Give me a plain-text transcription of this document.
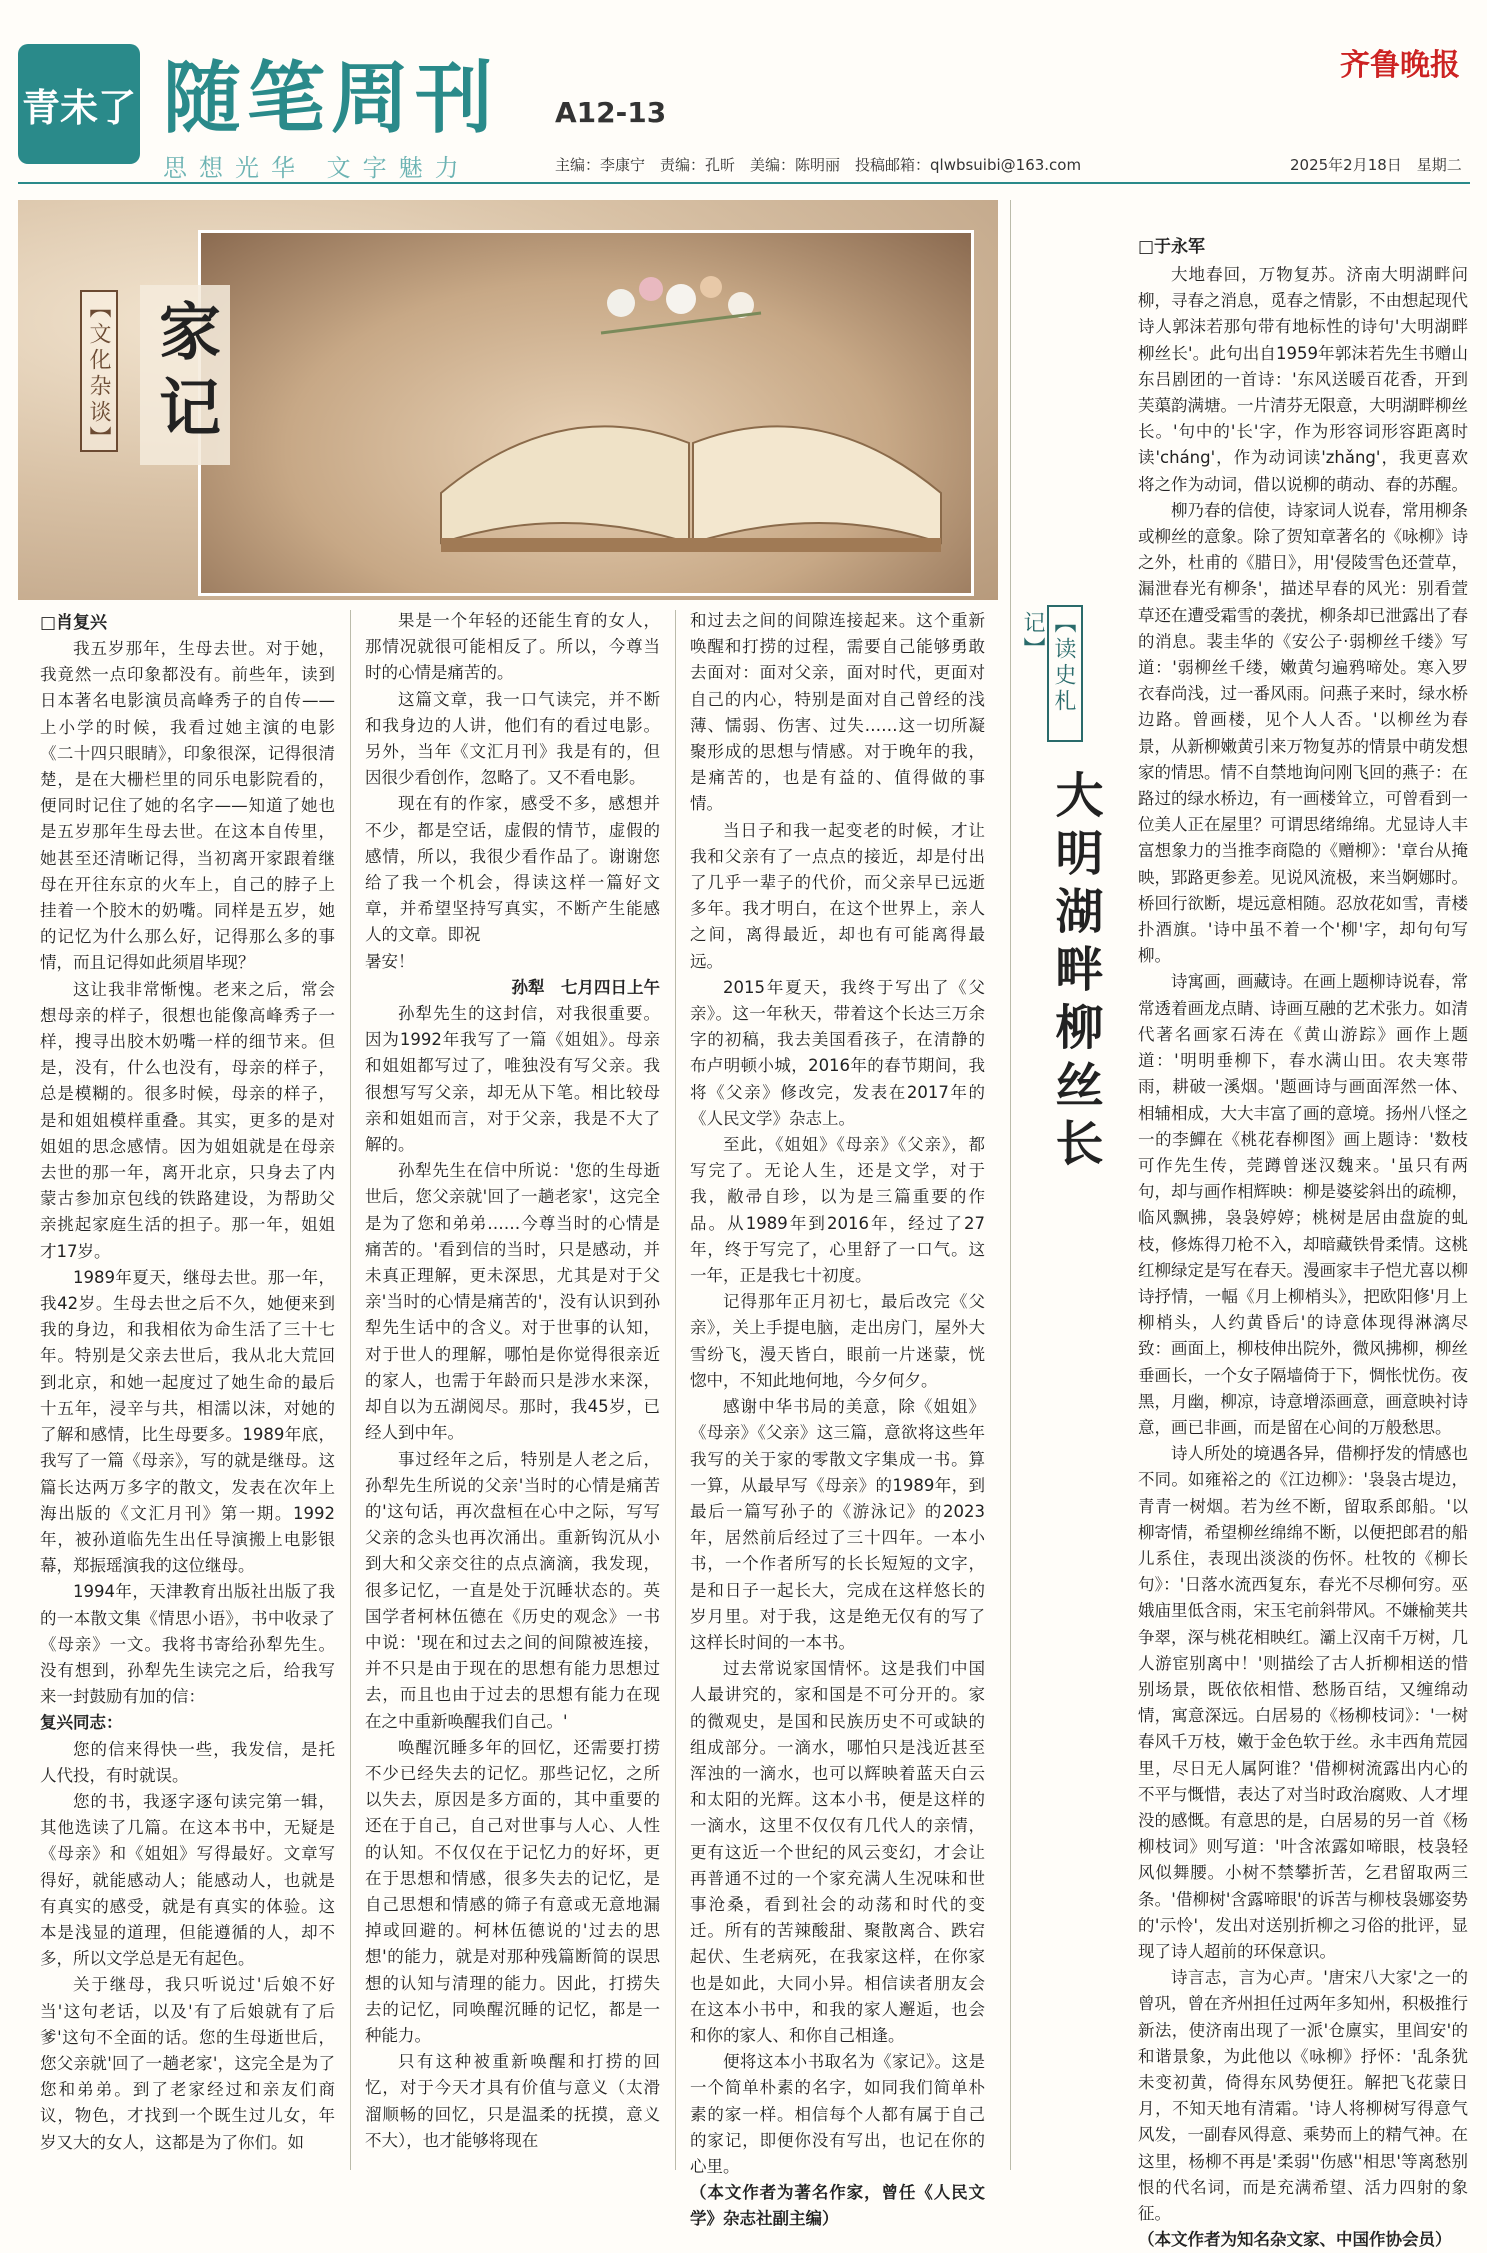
青未了 随笔周刊 A12-13
齐鲁晚报
思想光华 文字魅力	主编：李康宁　责编：孔昕　美编：陈明丽　投稿邮箱：qlwbsuibi@163.com	2025年2月18日　星期二
【文化杂谈】 家记
□肖复兴

我五岁那年，生母去世。对于她，我竟然一点印象都没有。前些年，读到日本著名电影演员高峰秀子的自传——上小学的时候，我看过她主演的电影《二十四只眼睛》，印象很深，记得很清楚，是在大栅栏里的同乐电影院看的，便同时记住了她的名字——知道了她也是五岁那年生母去世。在这本自传里，她甚至还清晰记得，当初离开家跟着继母在开往东京的火车上，自己的脖子上挂着一个胶木的奶嘴。同样是五岁，她的记忆为什么那么好，记得那么多的事情，而且记得如此须眉毕现？

这让我非常惭愧。老来之后，常会想母亲的样子，很想也能像高峰秀子一样，搜寻出胶木奶嘴一样的细节来。但是，没有，什么也没有，母亲的样子，总是模糊的。很多时候，母亲的样子，是和姐姐模样重叠。其实，更多的是对姐姐的思念感情。因为姐姐就是在母亲去世的那一年，离开北京，只身去了内蒙古参加京包线的铁路建设，为帮助父亲挑起家庭生活的担子。那一年，姐姐才17岁。

1989年夏天，继母去世。那一年，我42岁。生母去世之后不久，她便来到我的身边，和我相依为命生活了三十七年。特别是父亲去世后，我从北大荒回到北京，和她一起度过了她生命的最后十五年，浸辛与共，相濡以沫，对她的了解和感情，比生母要多。1989年底，我写了一篇《母亲》，写的就是继母。这篇长达两万多字的散文，发表在次年上海出版的《文汇月刊》第一期。1992年，被孙道临先生出任导演搬上电影银幕，郑振瑶演我的这位继母。

1994年，天津教育出版社出版了我的一本散文集《情思小语》，书中收录了《母亲》一文。我将书寄给孙犁先生。没有想到，孙犁先生读完之后，给我写来一封鼓励有加的信：

复兴同志：

您的信来得快一些，我发信，是托人代投，有时就误。

您的书，我逐字逐句读完第一辑，其他选读了几篇。在这本书中，无疑是《母亲》和《姐姐》写得最好。文章写得好，就能感动人；能感动人，也就是有真实的感受，就是有真实的体验。这本是浅显的道理，但能遵循的人，却不多，所以文学总是无有起色。

关于继母，我只听说过'后娘不好当'这句老话，以及'有了后娘就有了后爹'这句不全面的话。您的生母逝世后，您父亲就'回了一趟老家'，这完全是为了您和弟弟。到了老家经过和亲友们商议，物色，才找到一个既生过儿女，年岁又大的女人，这都是为了你们。如

果是一个年轻的还能生育的女人，那情况就很可能相反了。所以，今尊当时的心情是痛苦的。

这篇文章，我一口气读完，并不断和我身边的人讲，他们有的看过电影。另外，当年《文汇月刊》我是有的，但因很少看创作，忽略了。又不看电影。

现在有的作家，感受不多，感想并不少，都是空话，虚假的情节，虚假的感情，所以，我很少看作品了。谢谢您给了我一个机会，得读这样一篇好文章，并希望坚持写真实，不断产生能感人的文章。即祝

暑安！

孙犁　七月四日上午

孙犁先生的这封信，对我很重要。因为1992年我写了一篇《姐姐》。母亲和姐姐都写过了，唯独没有写父亲。我很想写写父亲，却无从下笔。相比较母亲和姐姐而言，对于父亲，我是不大了解的。

孙犁先生在信中所说：'您的生母逝世后，您父亲就'回了一趟老家'，这完全是为了您和弟弟……今尊当时的心情是痛苦的。'看到信的当时，只是感动，并未真正理解，更未深思，尤其是对于父亲'当时的心情是痛苦的'，没有认识到孙犁先生话中的含义。对于世事的认知，对于世人的理解，哪怕是你觉得很亲近的家人，也需于年龄而只是涉水来深，却自以为五湖阅尽。那时，我45岁，已经人到中年。

事过经年之后，特别是人老之后，孙犁先生所说的父亲'当时的心情是痛苦的'这句话，再次盘桓在心中之际，写写父亲的念头也再次涌出。重新钩沉从小到大和父亲交往的点点滴滴，我发现，很多记忆，一直是处于沉睡状态的。英国学者柯林伍德在《历史的观念》一书中说：'现在和过去之间的间隙被连接，并不只是由于现在的思想有能力思想过去，而且也由于过去的思想有能力在现在之中重新唤醒我们自己。'

唤醒沉睡多年的回忆，还需要打捞不少已经失去的记忆。那些记忆，之所以失去，原因是多方面的，其中重要的还在于自己，自己对世事与人心、人性的认知。不仅仅在于记忆力的好坏，更在于思想和情感，很多失去的记忆，是自己思想和情感的筛子有意或无意地漏掉或回避的。柯林伍德说的'过去的思想'的能力，就是对那种残篇断简的误思想的认知与清理的能力。因此，打捞失去的记忆，同唤醒沉睡的记忆，都是一种能力。

只有这种被重新唤醒和打捞的回忆，对于今天才具有价值与意义（太滑溜顺畅的回忆，只是温柔的抚摸，意义不大），也才能够将现在

和过去之间的间隙连接起来。这个重新唤醒和打捞的过程，需要自己能够勇敢去面对：面对父亲，面对时代，更面对自己的内心，特别是面对自己曾经的浅薄、懦弱、伤害、过失……这一切所凝聚形成的思想与情感。对于晚年的我，是痛苦的，也是有益的、值得做的事情。

当日子和我一起变老的时候，才让我和父亲有了一点点的接近，却是付出了几乎一辈子的代价，而父亲早已远逝多年。我才明白，在这个世界上，亲人之间，离得最近，却也有可能离得最远。

2015年夏天，我终于写出了《父亲》。这一年秋天，带着这个长达三万余字的初稿，我去美国看孩子，在清静的布卢明顿小城，2016年的春节期间，我将《父亲》修改完，发表在2017年的《人民文学》杂志上。

至此，《姐姐》《母亲》《父亲》，都写完了。无论人生，还是文学，对于我，敝帚自珍，以为是三篇重要的作品。从1989年到2016年，经过了27年，终于写完了，心里舒了一口气。这一年，正是我七十初度。

记得那年正月初七，最后改完《父亲》，关上手提电脑，走出房门，屋外大雪纷飞，漫天皆白，眼前一片迷蒙，恍惚中，不知此地何地，今夕何夕。

感谢中华书局的美意，除《姐姐》《母亲》《父亲》这三篇，意欲将这些年我写的关于家的零散文字集成一书。算一算，从最早写《母亲》的1989年，到最后一篇写孙子的《游泳记》的2023年，居然前后经过了三十四年。一本小书，一个作者所写的长长短短的文字，是和日子一起长大，完成在这样悠长的岁月里。对于我，这是绝无仅有的写了这样长时间的一本书。

过去常说家国情怀。这是我们中国人最讲究的，家和国是不可分开的。家的微观史，是国和民族历史不可或缺的组成部分。一滴水，哪怕只是浅近甚至浑浊的一滴水，也可以辉映着蓝天白云和太阳的光辉。这本小书，便是这样的一滴水，这里不仅仅有几代人的亲情，更有这近一个世纪的风云变幻，才会让再普通不过的一个家充满人生况味和世事沧桑，看到社会的动荡和时代的变迁。所有的苦辣酸甜、聚散离合、跌宕起伏、生老病死，在我家这样，在你家也是如此，大同小异。相信读者朋友会在这本小书中，和我的家人邂逅，也会和你的家人、和你自己相逢。

便将这本小书取名为《家记》。这是一个简单朴素的名字，如同我们简单朴素的家一样。相信每个人都有属于自己的家记，即便你没有写出，也记在你的心里。

（本文作者为著名作家，曾任《人民文学》杂志社副主编）

【读史札记】
大明湖畔柳丝长
□于永军

大地春回，万物复苏。济南大明湖畔问柳，寻春之消息，觅春之情影，不由想起现代诗人郭沫若那句带有地标性的诗句'大明湖畔柳丝长'。此句出自1959年郭沫若先生书赠山东吕剧团的一首诗：'东风送暖百花香，开到芙蕖韵满塘。一片清芬无限意，大明湖畔柳丝长。'句中的'长'字，作为形容词形容距离时读'cháng'，作为动词读'zhǎng'，我更喜欢将之作为动词，借以说柳的萌动、春的苏醒。

柳乃春的信使，诗家词人说春，常用柳条或柳丝的意象。除了贺知章著名的《咏柳》诗之外，杜甫的《腊日》，用'侵陵雪色还萱草，漏泄春光有柳条'，描述早春的风光：别看萱草还在遭受霜雪的袭扰，柳条却已泄露出了春的消息。裴圭华的《安公子·弱柳丝千缕》写道：'弱柳丝千缕，嫩黄匀遍鸦啼处。寒入罗衣春尚浅，过一番风雨。问燕子来时，绿水桥边路。曾画楼，见个人人否。'以柳丝为春景，从新柳嫩黄引来万物复苏的情景中萌发想家的情思。情不自禁地询问刚飞回的燕子：在路过的绿水桥边，有一画楼耸立，可曾看到一位美人正在屋里？可谓思绪绵绵。尤显诗人丰富想象力的当推李商隐的《赠柳》：'章台从掩映，郢路更参差。见说风流极，来当婀娜时。桥回行欲断，堤远意相随。忍放花如雪，青楼扑酒旗。'诗中虽不着一个'柳'字，却句句写柳。

诗寓画，画藏诗。在画上题柳诗说春，常常透着画龙点睛、诗画互融的艺术张力。如清代著名画家石涛在《黄山游踪》画作上题道：'明明垂柳下，春水满山田。农夫寒带雨，耕破一溪烟。'题画诗与画面浑然一体、相辅相成，大大丰富了画的意境。扬州八怪之一的李鱓在《桃花春柳图》画上题诗：'数枝可作先生传，莞蹲曾迷汉魏来。'虽只有两句，却与画作相辉映：柳是婆娑斜出的疏柳，临风飘拂，袅袅婷婷；桃树是居由盘旋的虬枝，修炼得刀枪不入，却暗藏铁骨柔情。这桃红柳绿定是写在春天。漫画家丰子恺尤喜以柳诗抒情，一幅《月上柳梢头》，把欧阳修'月上柳梢头，人约黄昏后'的诗意体现得淋漓尽致：画面上，柳枝伸出院外，微风拂柳，柳丝垂画长，一个女子隔墙倚于下，惆怅忧伤。夜黑，月幽，柳凉，诗意增添画意，画意映衬诗意，画已非画，而是留在心间的万般愁思。

诗人所处的境遇各异，借柳抒发的情感也不同。如雍裕之的《江边柳》：'袅袅古堤边，青青一树烟。若为丝不断，留取系郎船。'以柳寄情，希望柳丝绵绵不断，以便把郎君的船儿系住，表现出淡淡的伤怀。杜牧的《柳长句》：'日落水流西复东，春光不尽柳何穷。巫娥庙里低含雨，宋玉宅前斜带风。不嫌榆荚共争翠，深与桃花相映红。灞上汉南千万树，几人游宦别离中！'则描绘了古人折柳相送的惜别场景，既依依相惜、愁肠百结，又缠绵动情，寓意深远。白居易的《杨柳枝词》：'一树春风千万枝，嫩于金色软于丝。永丰西角荒园里，尽日无人属阿谁？'借柳树流露出内心的不平与慨惜，表达了对当时政治腐败、人才埋没的感慨。有意思的是，白居易的另一首《杨柳枝词》则写道：'叶含浓露如啼眼，枝袅轻风似舞腰。小树不禁攀折苦，乞君留取两三条。'借柳树'含露啼眼'的诉苦与柳枝袅娜姿势的'示怜'，发出对送别折柳之习俗的批评，显现了诗人超前的环保意识。

诗言志，言为心声。'唐宋八大家'之一的曾巩，曾在齐州担任过两年多知州，积极推行新法，使济南出现了一派'仓廪实，里闾安'的和谐景象，为此他以《咏柳》抒怀：'乱条犹未变初黄，倚得东风势便狂。解把飞花蒙日月，不知天地有清霜。'诗人将柳树写得意气风发，一副春风得意、乘势而上的精气神。在这里，杨柳不再是'柔弱''伤感''相思'等离愁别恨的代名词，而是充满希望、活力四射的象征。

（本文作者为知名杂文家、中国作协会员）
